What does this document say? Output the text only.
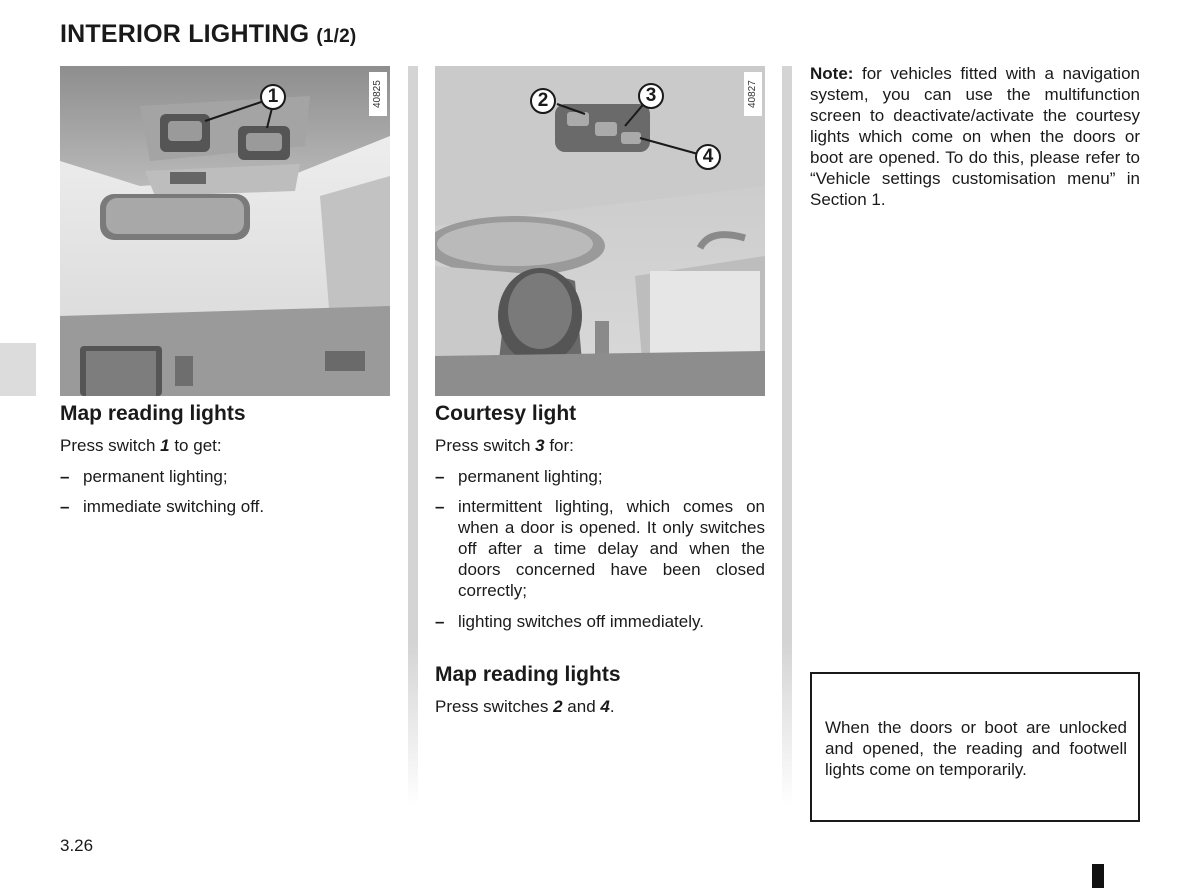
INTERIOR LIGHTING (1/2)
40825
1	40827
2	3
4
Map reading lights

Press switch 1 to get:

– permanent lighting;
– immediate switching off.
Courtesy light

Press switch 3 for:

– permanent lighting;
– intermittent lighting, which comes on when a door is opened. It only switches off after a time delay and when the doors concerned have been closed correctly;
– lighting switches off immediately.
Map reading lights

Press switches 2 and 4.

Note: for vehicles fitted with a navigation system, you can use the multifunction screen to deactivate/activate the courtesy lights which come on when the doors or boot are opened. To do this, please refer to “Vehicle settings customisation menu” in Section 1.
When the doors or boot are unlocked and opened, the reading and footwell lights come on temporarily.
3.26
